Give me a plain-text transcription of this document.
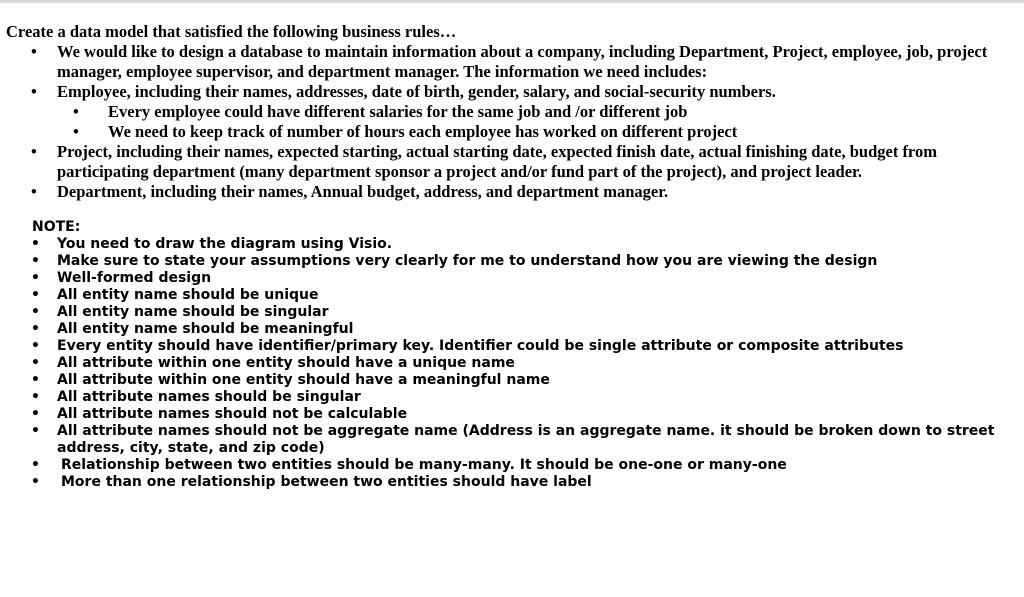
Create a data model that satisfied the following business rules…
•	We would like to design a database to maintain information about a company, including Department, Project, employee, job, project manager, employee supervisor, and department manager. The information we need includes:
•	Employee, including their names, addresses, date of birth, gender, salary, and social-security numbers.
•	Every employee could have different salaries for the same job and /or different job
•	We need to keep track of number of hours each employee has worked on different project
•	Project, including their names, expected starting, actual starting date, expected finish date, actual finishing date, budget from participating department (many department sponsor a project and/or fund part of the project), and project leader.
•	Department, including their names, Annual budget, address, and department manager.
NOTE:
•	You need to draw the diagram using Visio.
•	Make sure to state your assumptions very clearly for me to understand how you are viewing the design
•	Well-formed design
•	All entity name should be unique
•	All entity name should be singular
•	All entity name should be meaningful
•	Every entity should have identifier/primary key. Identifier could be single attribute or composite attributes
•	All attribute within one entity should have a unique name
•	All attribute within one entity should have a meaningful name
•	All attribute names should be singular
•	All attribute names should not be calculable
•	All attribute names should not be aggregate name (Address is an aggregate name. it should be broken down to street address, city, state, and zip code)
•	Relationship between two entities should be many-many. It should be one-one or many-one
•	More than one relationship between two entities should have label
